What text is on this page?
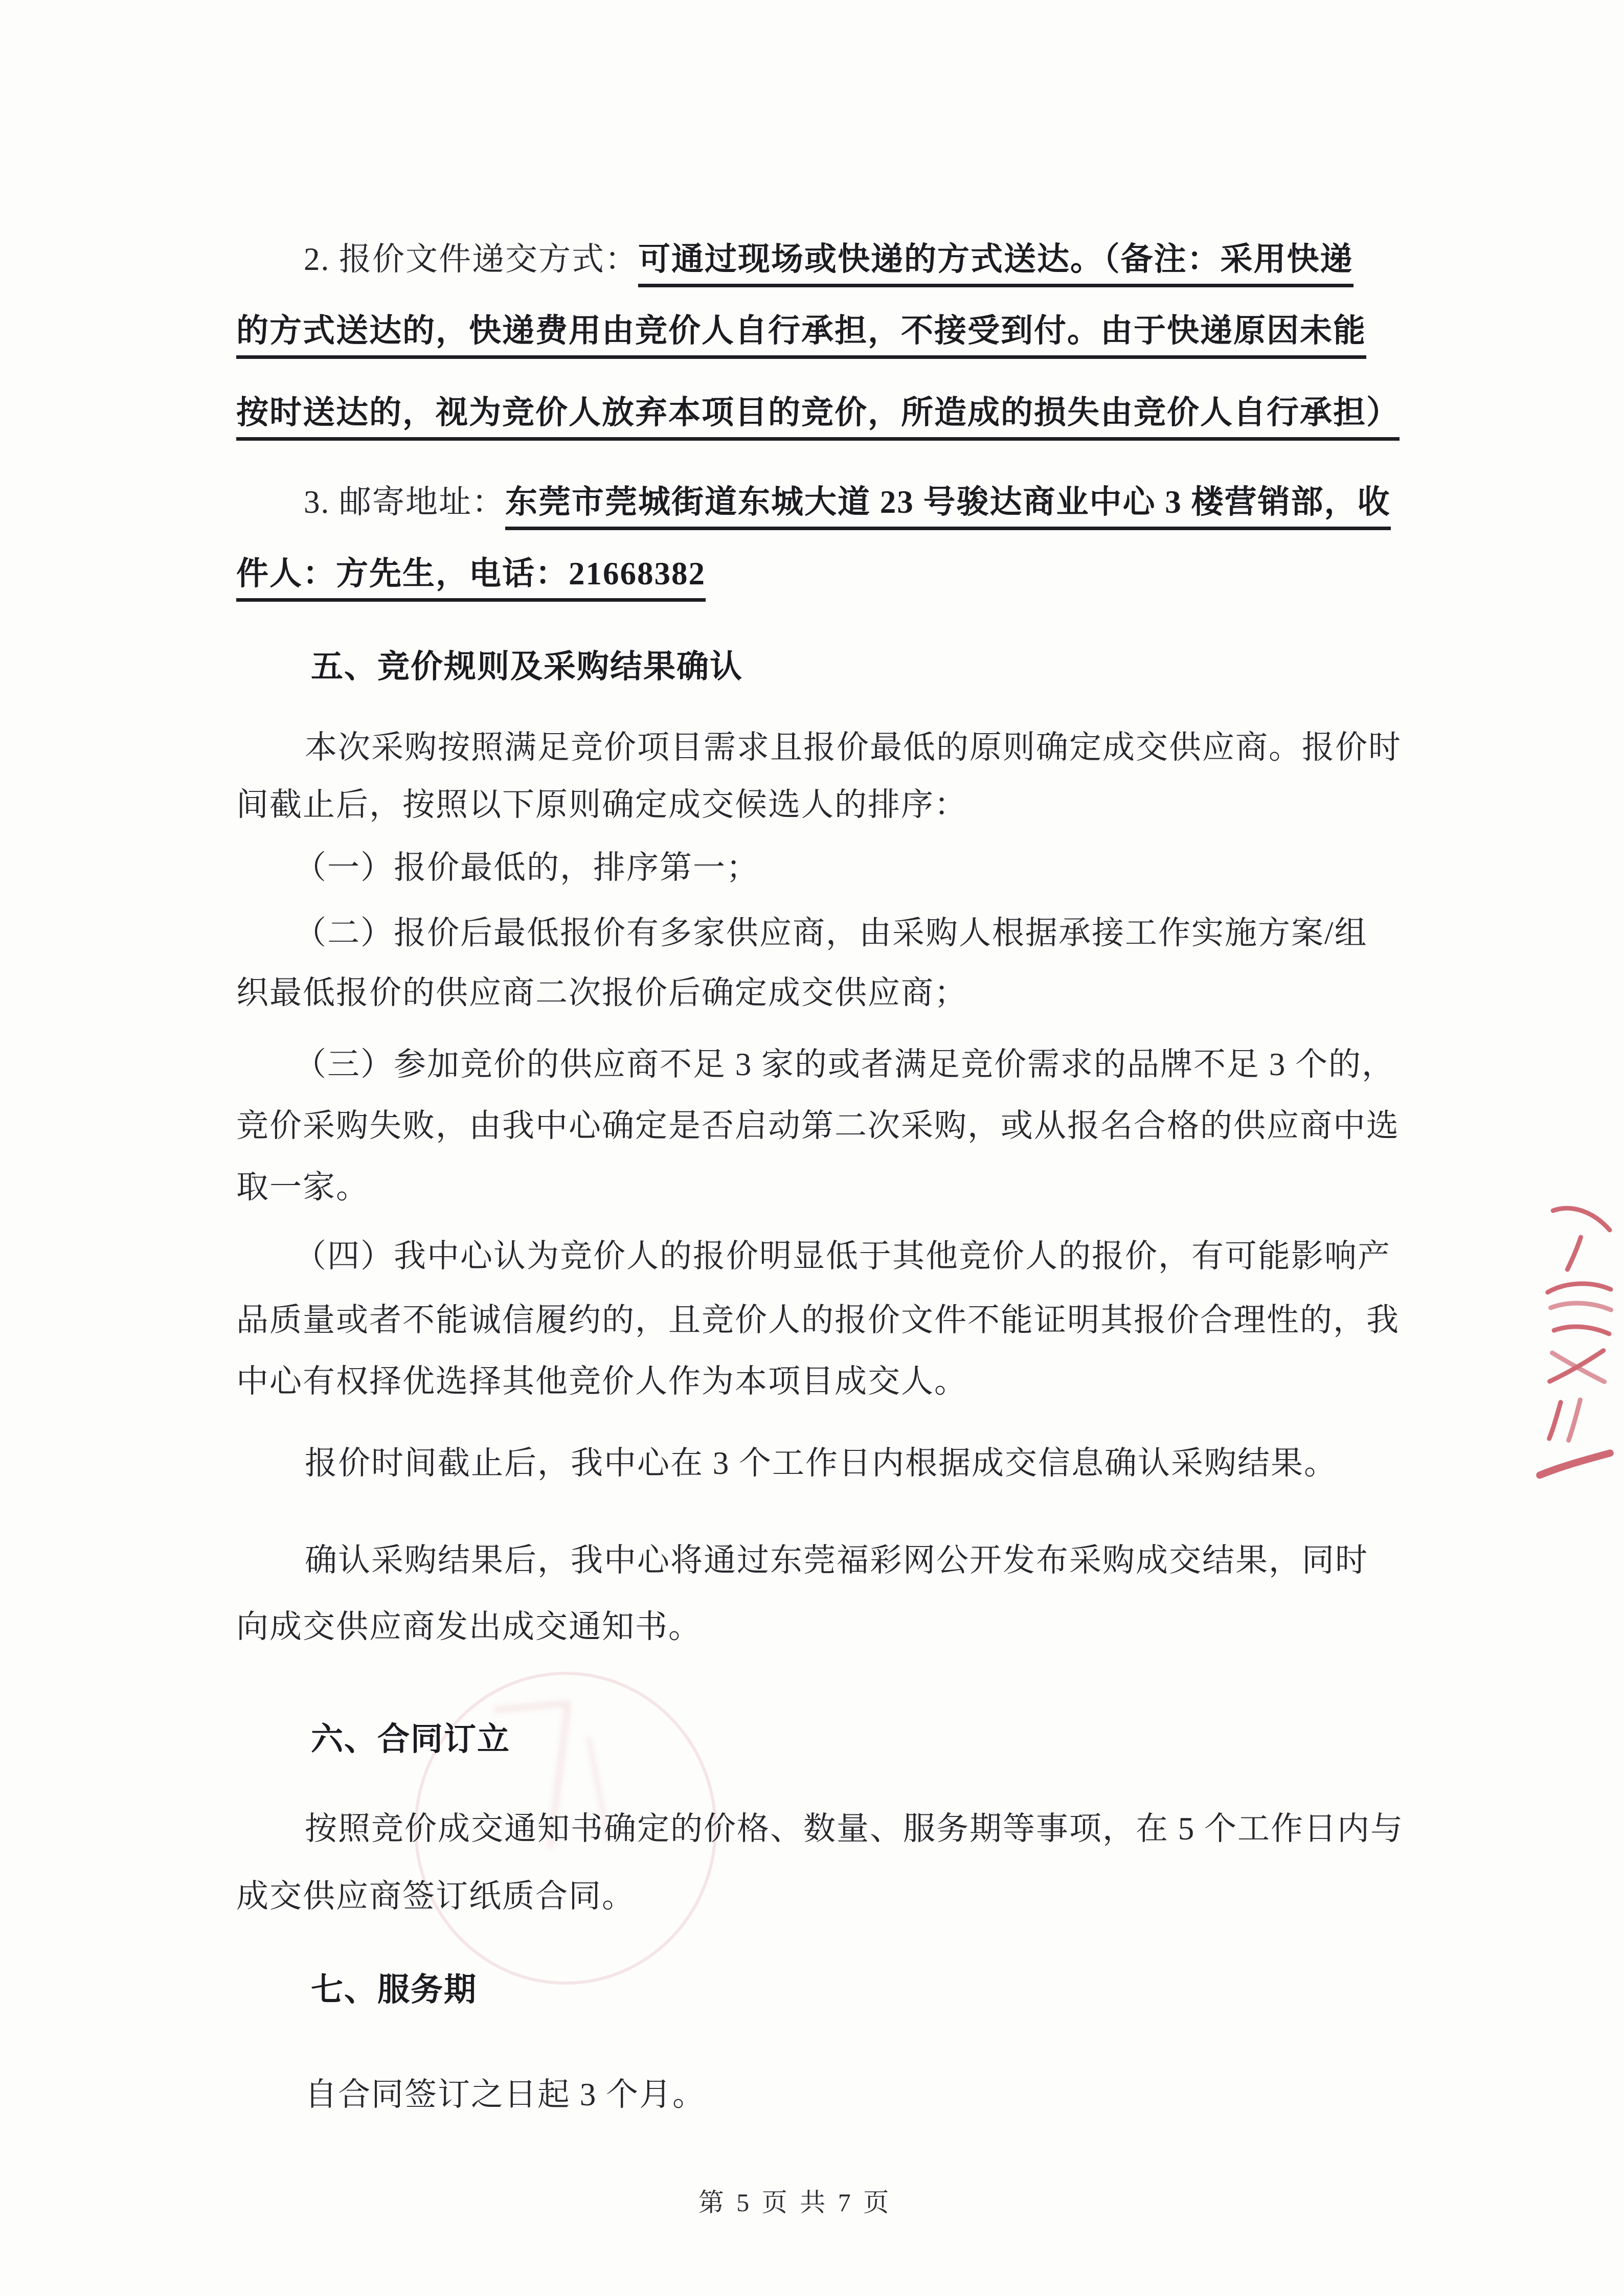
2. 报价文件递交方式：可通过现场或快递的方式送达。（备注：采用快递
的方式送达的，快递费用由竞价人自行承担，不接受到付。由于快递原因未能
按时送达的，视为竞价人放弃本项目的竞价，所造成的损失由竞价人自行承担）
3. 邮寄地址：东莞市莞城街道东城大道 23 号骏达商业中心 3 楼营销部，收
件人：方先生，电话：21668382
五、竞价规则及采购结果确认
本次采购按照满足竞价项目需求且报价最低的原则确定成交供应商。报价时
间截止后，按照以下原则确定成交候选人的排序：
（一）报价最低的，排序第一；
（二）报价后最低报价有多家供应商，由采购人根据承接工作实施方案/组
织最低报价的供应商二次报价后确定成交供应商；
（三）参加竞价的供应商不足 3 家的或者满足竞价需求的品牌不足 3 个的，
竞价采购失败，由我中心确定是否启动第二次采购，或从报名合格的供应商中选
取一家。
（四）我中心认为竞价人的报价明显低于其他竞价人的报价，有可能影响产
品质量或者不能诚信履约的，且竞价人的报价文件不能证明其报价合理性的，我
中心有权择优选择其他竞价人作为本项目成交人。
报价时间截止后，我中心在 3 个工作日内根据成交信息确认采购结果。
确认采购结果后，我中心将通过东莞福彩网公开发布采购成交结果，同时
向成交供应商发出成交通知书。
六、合同订立
按照竞价成交通知书确定的价格、数量、服务期等事项，在 5 个工作日内与
成交供应商签订纸质合同。
七、服务期
自合同签订之日起 3 个月。
第 5 页 共 7 页
